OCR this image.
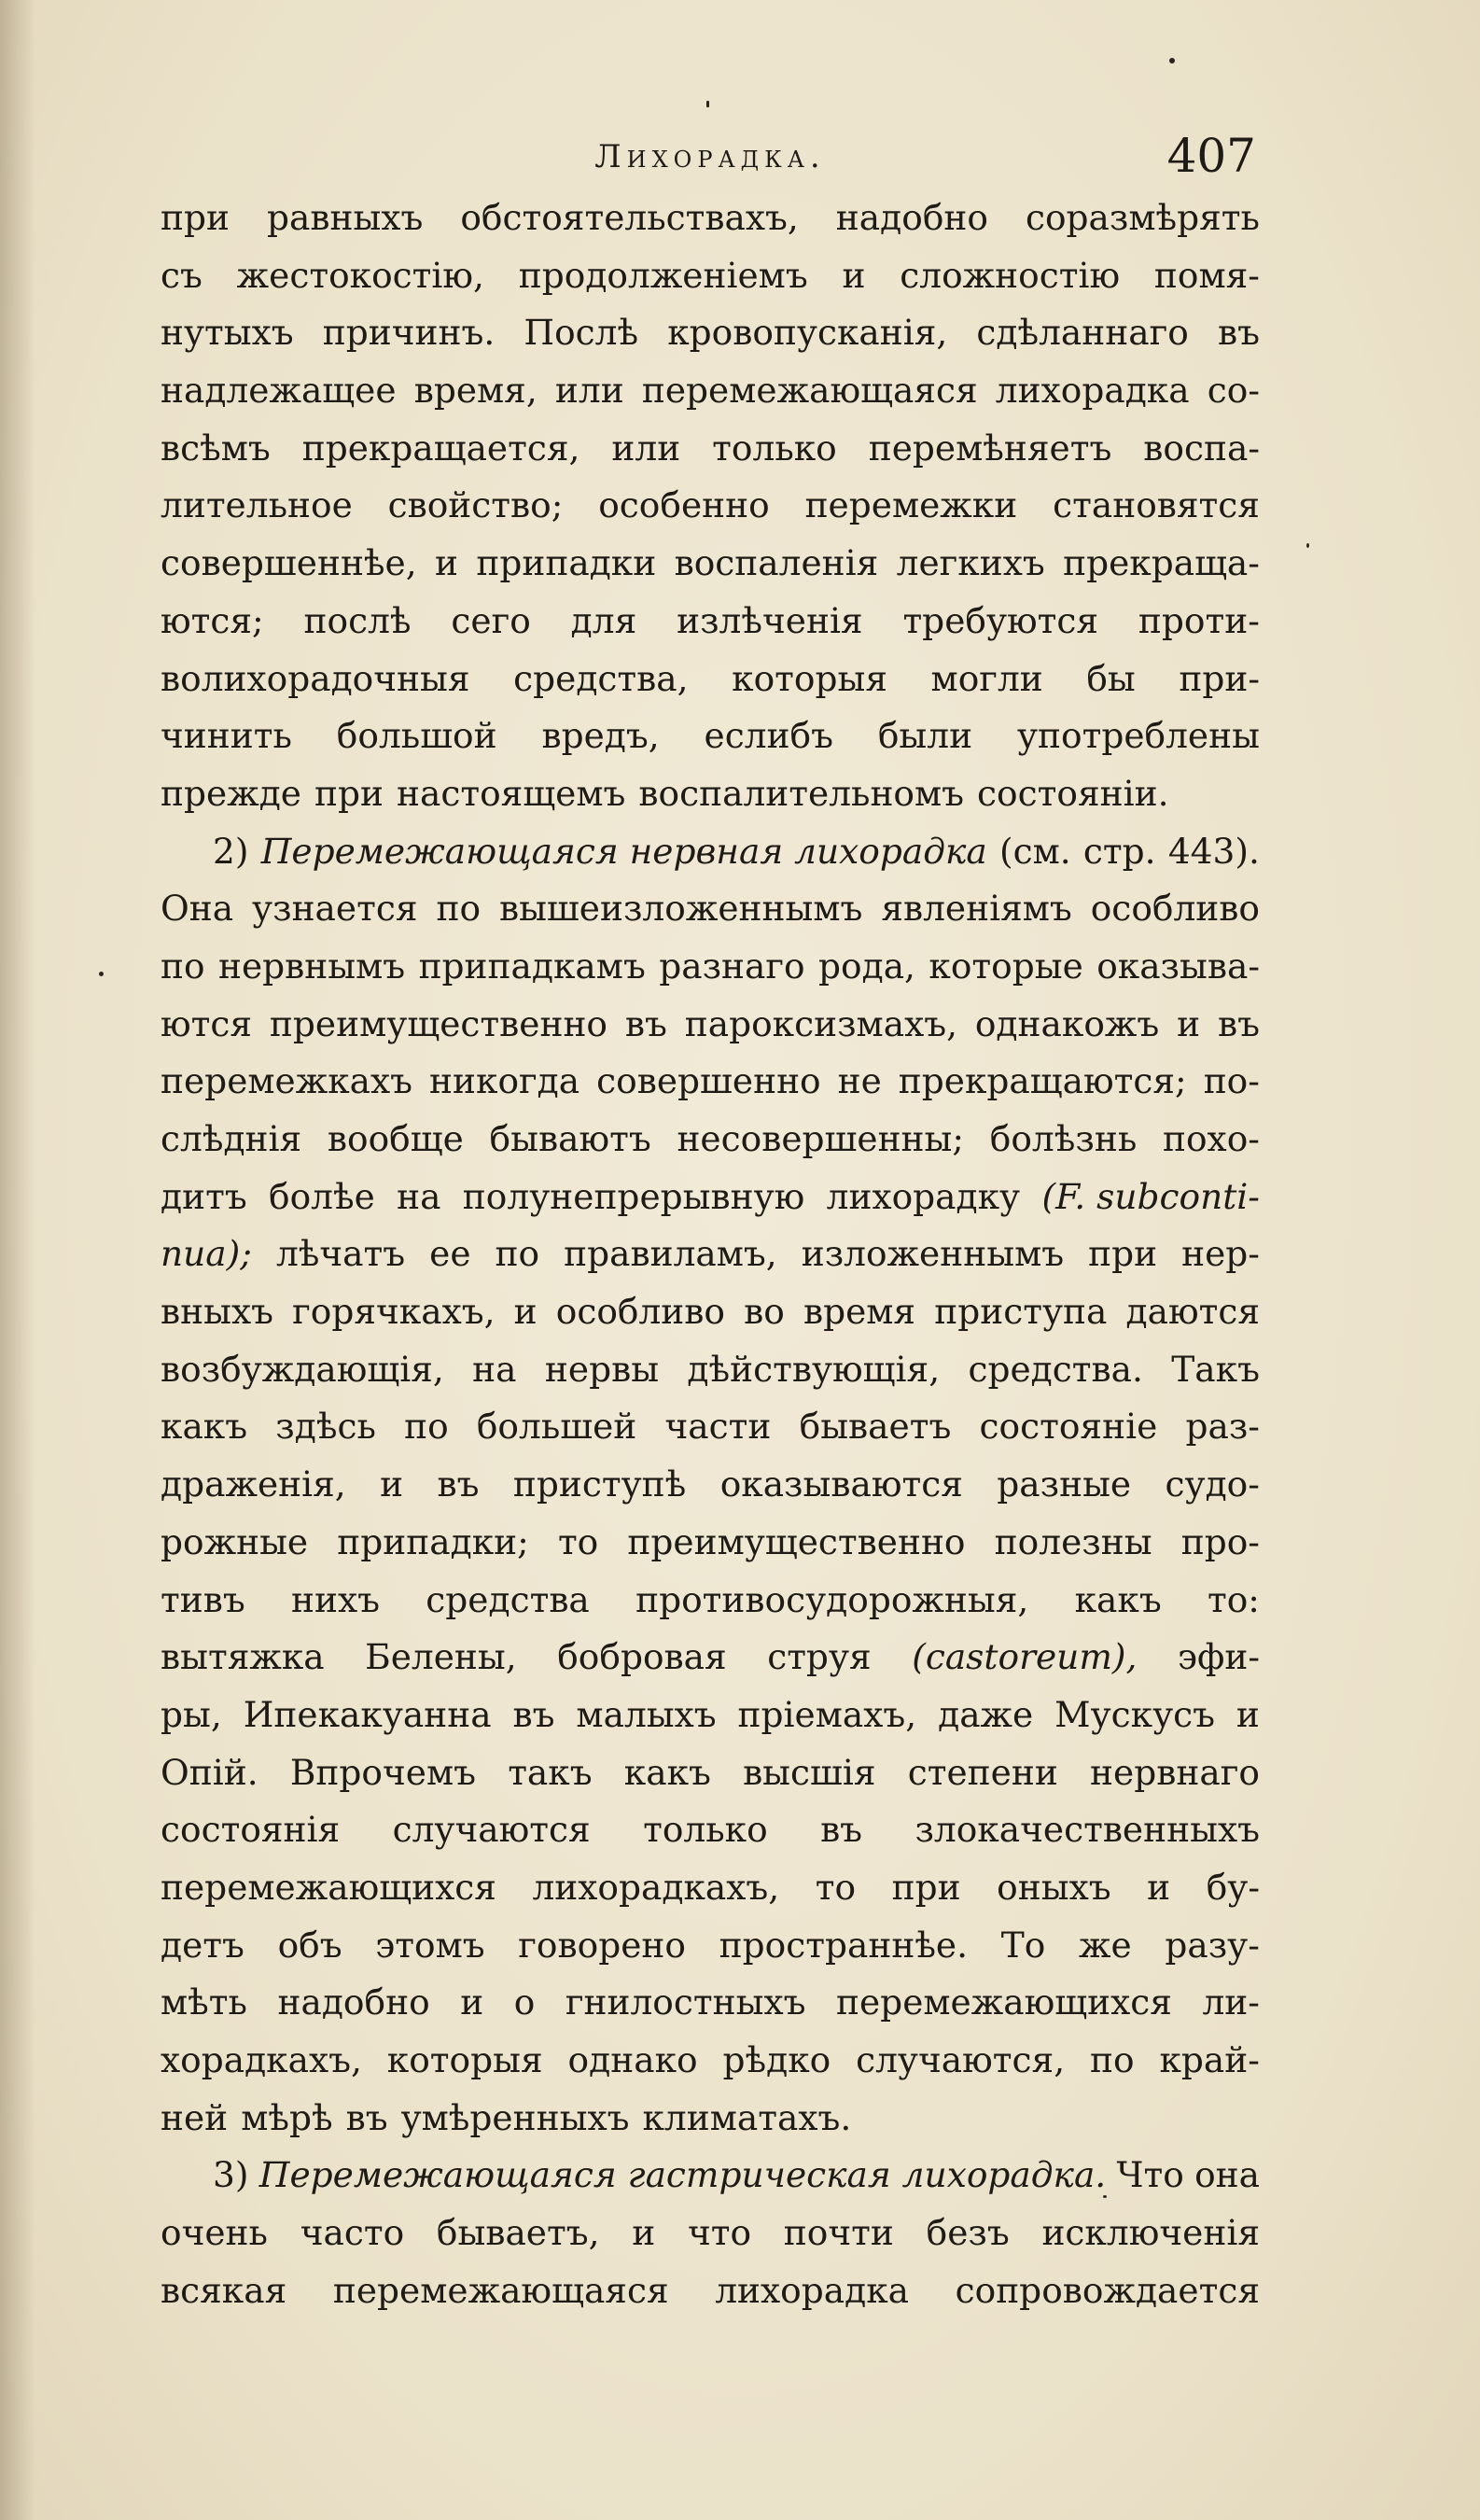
Лихорадка.	407
при равныхъ обстоятельствахъ, надобно соразмѣрять
съ жестокостію, продолженіемъ и сложностію помя-
нутыхъ причинъ. Послѣ кровопусканія, сдѣланнаго въ
надлежащее время, или перемежающаяся лихорадка со-
всѣмъ прекращается, или только перемѣняетъ воспа-
лительное свойство; особенно перемежки становятся
совершеннѣе, и припадки воспаленія легкихъ прекраща-
ются; послѣ сего для излѣченія требуются проти-
волихорадочныя средства, которыя могли бы при-
чинить большой вредъ, еслибъ были употреблены
прежде при настоящемъ воспалительномъ состояніи.
2) Перемежающаяся нервная лихорадка (см. стр. 443).
Она узнается по вышеизложеннымъ явленіямъ особливо
по нервнымъ припадкамъ разнаго рода, которые оказыва-
ются преимущественно въ пароксизмахъ, однакожъ и въ
перемежкахъ никогда совершенно не прекращаются; по-
слѣднія вообще бываютъ несовершенны; болѣзнь похо-
дитъ болѣе на полунепрерывную лихорадку (F. subconti-
nua); лѣчатъ ее по правиламъ, изложеннымъ при нер-
вныхъ горячкахъ, и особливо во время приступа даются
возбуждающія, на нервы дѣйствующія, средства. Такъ
какъ здѣсь по большей части бываетъ состояніе раз-
драженія, и въ приступѣ оказываются разные судо-
рожные припадки; то преимущественно полезны про-
тивъ нихъ средства противосудорожныя, какъ то:
вытяжка Белены, бобровая струя (castoreum), эфи-
ры, Ипекакуанна въ малыхъ пріемахъ, даже Мускусъ и
Опій. Впрочемъ такъ какъ высшія степени нервнаго
состоянія случаются только въ злокачественныхъ
перемежающихся лихорадкахъ, то при оныхъ и бу-
детъ объ этомъ говорено пространнѣе. То же разу-
мѣть надобно и о гнилостныхъ перемежающихся ли-
хорадкахъ, которыя однако рѣдко случаются, по край-
ней мѣрѣ въ умѣренныхъ климатахъ.
3) Перемежающаяся гастрическая лихорадка. Что она
очень часто бываетъ, и что почти безъ исключенія
всякая перемежающаяся лихорадка сопровождается
